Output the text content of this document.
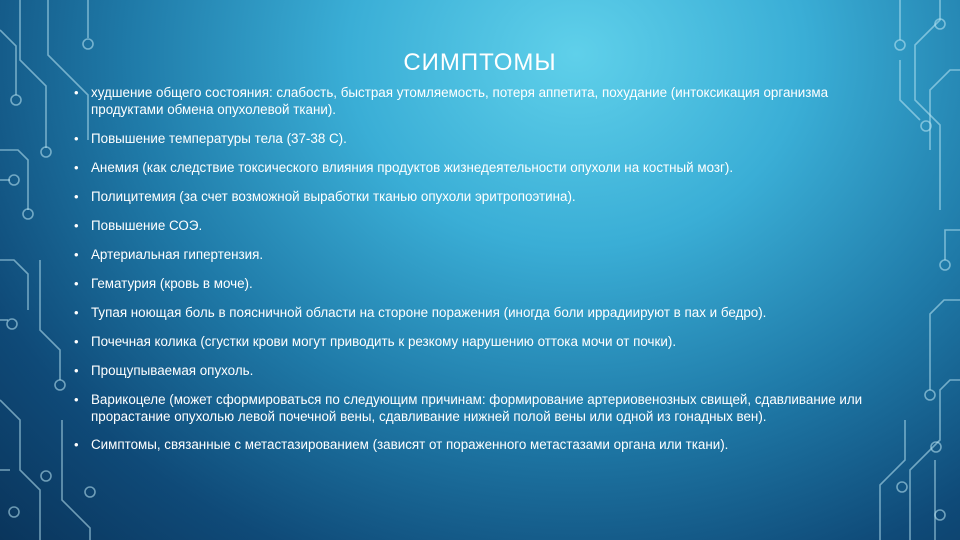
СИМПТОМЫ
• худшение общего состояния: слабость, быстрая утомляемость, потеря аппетита, похудание (интоксикация организма продуктами обмена опухолевой ткани).
• Повышение температуры тела (37-38 С).
• Анемия (как следствие токсического влияния продуктов жизнедеятельности опухоли на костный мозг).
• Полицитемия (за счет возможной выработки тканью опухоли эритропоэтина).
• Повышение СОЭ.
• Артериальная гипертензия.
• Гематурия (кровь в моче).
• Тупая ноющая боль в поясничной области на стороне поражения (иногда боли иррадиируют в пах и бедро).
• Почечная колика (сгустки крови могут приводить к резкому нарушению оттока мочи от почки).
• Прощупываемая опухоль.
• Варикоцеле (может сформироваться по следующим причинам: формирование артериовенозных свищей, сдавливание или прорастание опухолью левой почечной вены, сдавливание нижней полой вены или одной из гонадных вен).
• Симптомы, связанные с метастазированием (зависят от пораженного метастазами органа или ткани).
